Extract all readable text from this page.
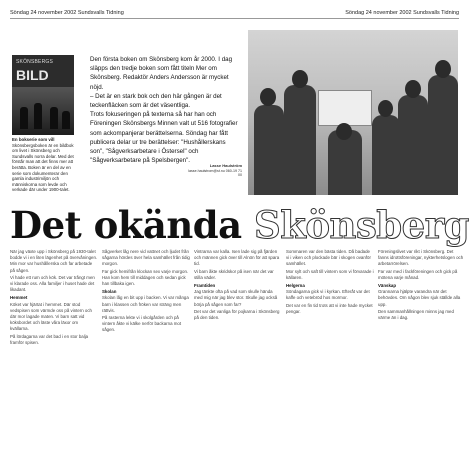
Söndag 24 november 2002 Sundsvalls Tidning	Söndag 24 november 2002 Sundsvalls Tidning
SKÖNSBERGS
BILD
En bokserie som vill Skönsbergsboken är en bildbok om livet i Skönsberg och Sundsvalls norra delar. Med det förstår man att det finns mer att berätta. Boken är en del av en serie som dokumenterar den gamla industrimiljön och människorna som levde och verkade där under 1900-talet.

Den första boken om Skönsberg kom år 2000. I dag släpps den tredje boken som fått titeln Mer om Skönsberg. Redaktör Anders Andersson är mycket nöjd.

– Det är en stark bok och den här gången är det teckenfläcken som är det väsentliga.

Trots fokuseringen på texterna så har han och Föreningen Skönsbergs Minnen valt ut 516 fotografier som ackompanjerar berättelserna. Söndag har fått publicera delar ur tre berättelser: "Hushållerskans son", "Sågverksarbetare i Östersel" och "Sågverksarbetare på Spelsbergen".

Lasse Haulström
lasse.haulstrom@st.nu 060-19 71 00
Det okända Skönsberg

När jag växte upp i Skönsberg på 1930-talet bodde vi i en liten lägenhet på övervåningen. Min mor var hushållerska och far arbetade på sågen.

Vi hade ett rum och kök. Det var trångt men vi klarade oss. Alla familjer i huset hade det likadant.

Hemmet

Köket var hjärtat i hemmet. Där stod vedspisen som värmde oss på vintern och där mor lagade maten. Vi barn satt vid köksbordet och läste våra läxor om kvällarna.

På lördagarna var det bad i en stor balja framför spisen.

Sågverket låg nere vid vattnet och ljudet från sågarna hördes över hela samhället från tidig morgon.

Far gick hemifrån klockan sex varje morgon. Han kom hem till middagen och sedan gick han tillbaka igen.

Skolan

Skolan låg en bit upp i backen. Vi var många barn i klassen och fröken var sträng men rättvis.

På rasterna lekte vi i skolgården och på vintern åkte vi kälke nerför backarna mot sågen.

Vintrarna var kalla. Isen lade sig på fjärden och männen gick över till Alnön för att spara tid.

Vi barn åkte skridskor på isen när det var stilla väder.

Framtiden

Jag tänkte ofta på vad som skulle hända med mig när jag blev stor. Skulle jag också börja på sågen som far?

Det var det vanliga för pojkarna i Skönsberg på den tiden.

Sommaren var den bästa tiden. Då badade vi i viken och plockade bär i skogen ovanför samhället.

Mor sylt och saft till vintern som vi förvarade i källaren.

Helgerna

Söndagarna gick vi i kyrkan. Efteråt var det kaffe och vetebröd hos mormor.

Det var en fin tid trots att vi inte hade mycket pengar.

Föreningslivet var rikt i Skönsberg. Det fanns idrottsföreningar, nykterhetslogen och arbetarrörelsen.

Far var med i fackföreningen och gick på mötena varje månad.

Vänskap

Grannarna hjälpte varandra när det behövdes. Om någon blev sjuk ställde alla upp.

Den sammanhållningen minns jag med värme än i dag.
